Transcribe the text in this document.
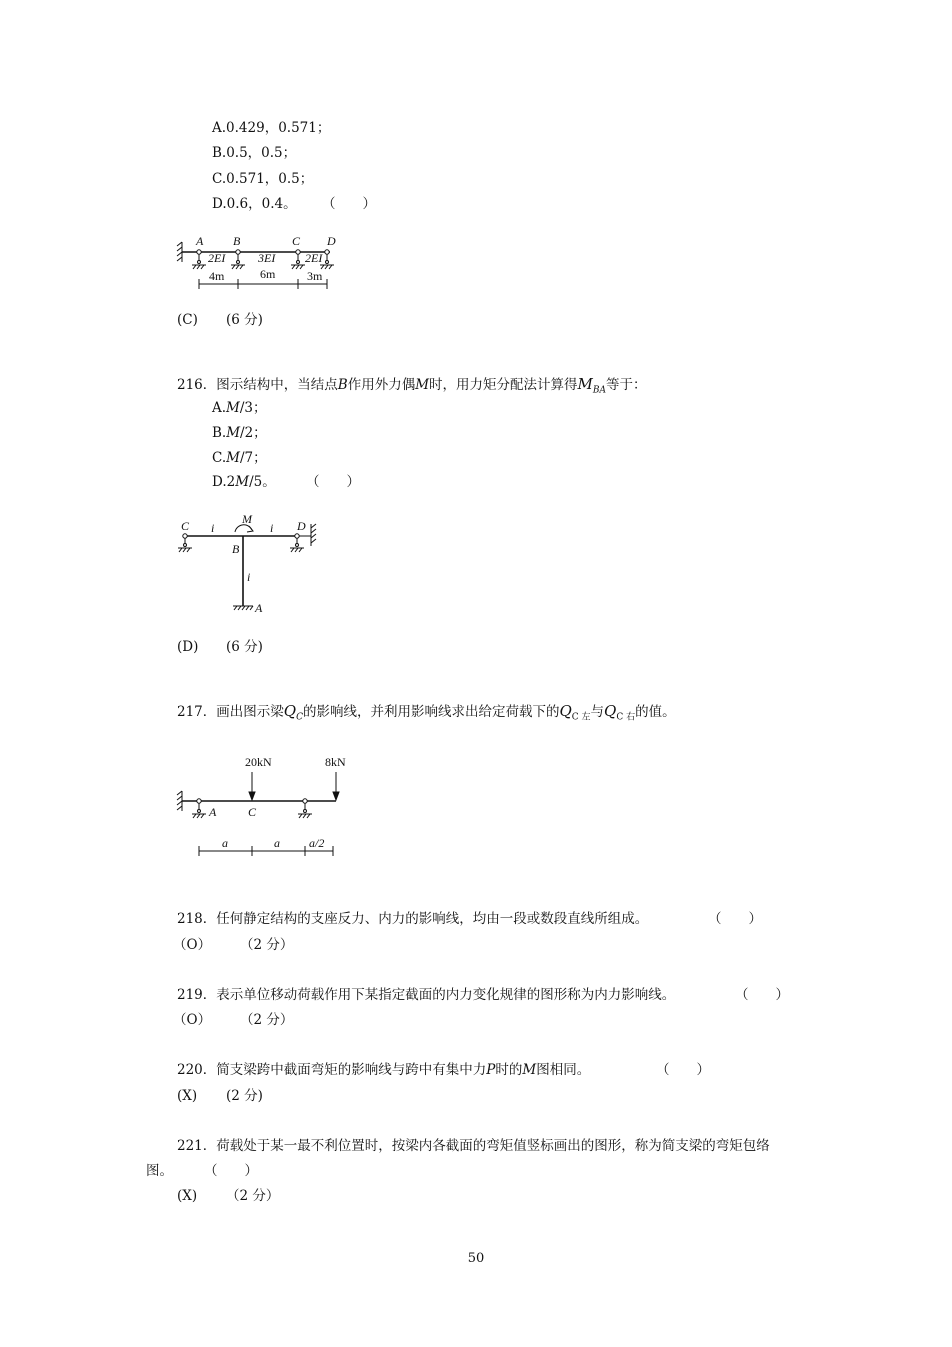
A.0.429，0.571；
B.0.5，0.5；
C.0.571，0.5；
D.0.6，0.4。 （　　）
A B	C D
2EI	3EI 2EI
4m	6m	3m
(C) (6 分)
216．图示结构中，当结点B作用外力偶M时，用力矩分配法计算得$M_{BA}$等于：
A.M/3；
B.M/2；
C.M/7；
D.2M/5。 （　　）
C
B
D
A
M
i	i
i
(D) (6 分)
217．画出图示梁$Q_C$的影响线，并利用影响线求出给定荷载下的$Q_{C 左}$与$Q_{C 右}$的值。
20kN	8kN
A	C
a	a a/2
218．任何静定结构的支座反力、内力的影响线，均由一段或数段直线所组成。	（　　）
（O） （2 分）
219．表示单位移动荷载作用下某指定截面的内力变化规律的图形称为内力影响线。	（　　）
（O） （2 分）
220．简支梁跨中截面弯矩的影响线与跨中有集中力P时的M图相同。	（　　）
(X) (2 分)
221．荷载处于某一最不利位置时，按梁内各截面的弯矩值竖标画出的图形，称为简支梁的弯矩包络
图。 （　　）
(X) （2 分）
50
